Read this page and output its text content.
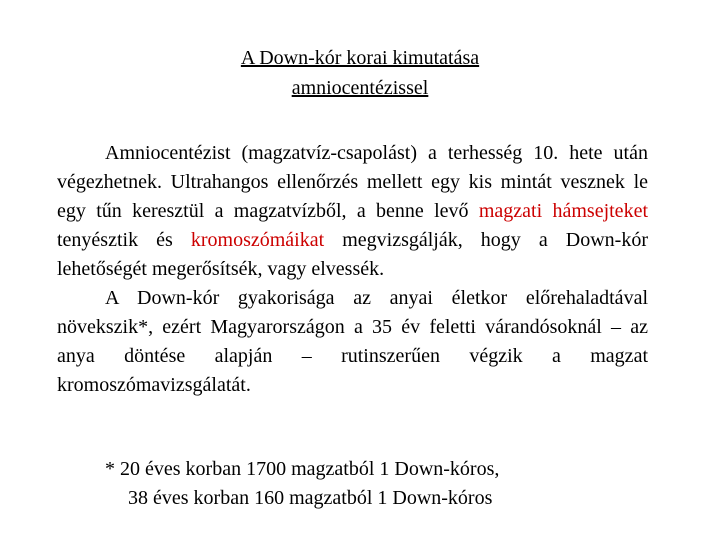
A Down-kór korai kimutatása
amniocentézissel

Amniocentézist (magzatvíz-csapolást) a terhesség 10. hete után végezhetnek. Ultrahangos ellenőrzés mellett egy kis mintát vesznek le egy tűn keresztül a magzatvízből, a benne levő magzati hámsejteket tenyésztik és kromoszómáikat megvizsgálják, hogy a Down-kór lehetőségét megerősítsék, vagy elvessék.

A Down-kór gyakorisága az anyai életkor előrehaladtával növekszik*, ezért Magyarországon a 35 év feletti várandósoknál – az anya döntése alapján – rutinszerűen végzik a magzat kromoszómavizsgálatát.

* 20 éves korban 1700 magzatból 1 Down-kóros,
38 éves korban 160 magzatból 1 Down-kóros
